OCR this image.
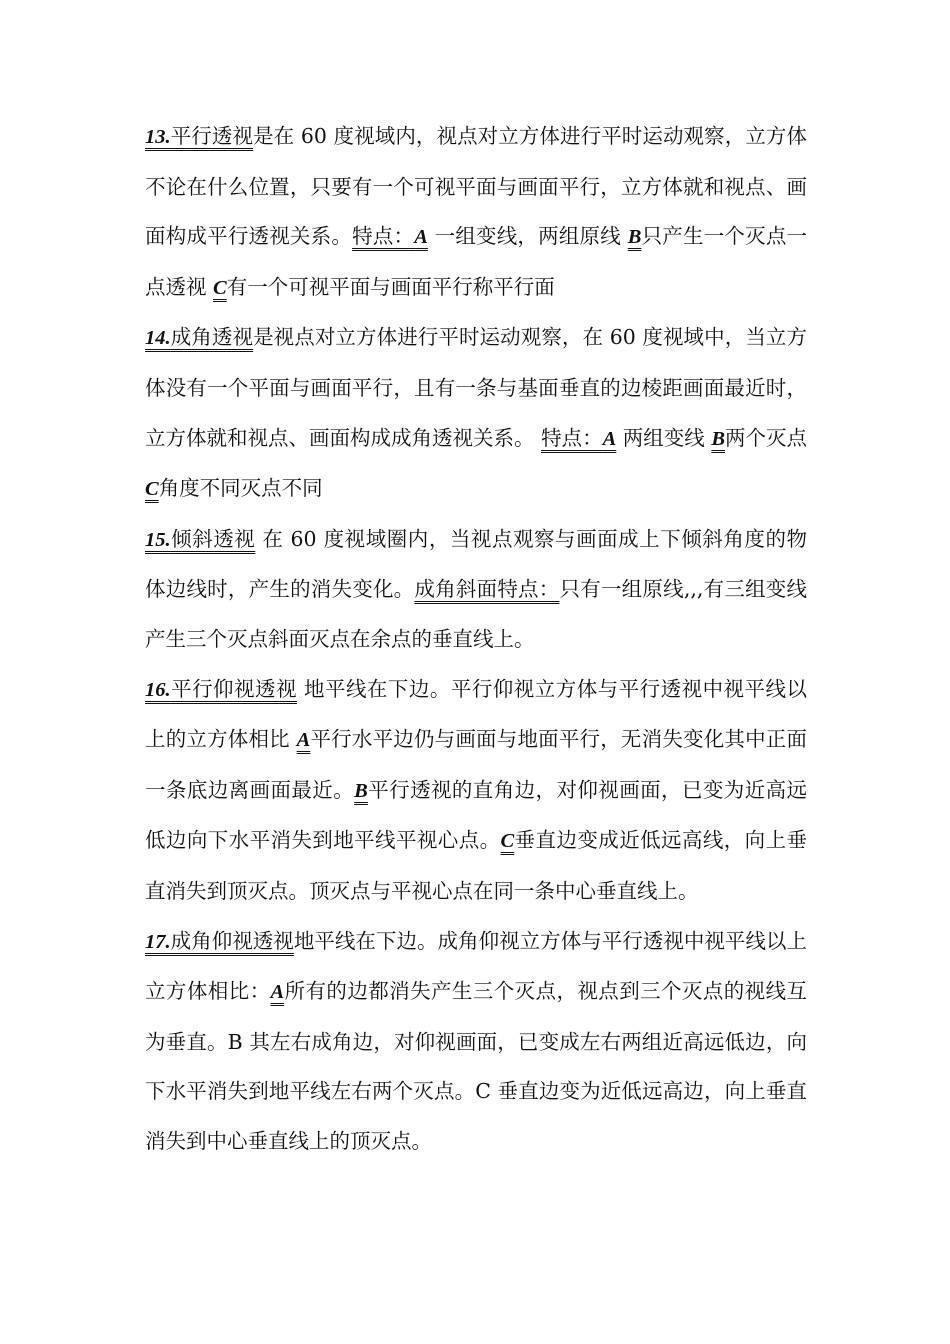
13.平行透视是在 60 度视域内，视点对立方体进行平时运动观察，立方体不论在什么位置，只要有一个可视平面与画面平行，立方体就和视点、画面构成平行透视关系。特点：A 一组变线，两组原线 B只产生一个灭点一点透视 C有一个可视平面与画面平行称平行面

14.成角透视是视点对立方体进行平时运动观察，在 60 度视域中，当立方体没有一个平面与画面平行，且有一条与基面垂直的边棱距画面最近时，立方体就和视点、画面构成成角透视关系。 特点：A 两组变线 B两个灭点 C角度不同灭点不同

15.倾斜透视 在 60 度视域圈内，当视点观察与画面成上下倾斜角度的物体边线时，产生的消失变化。成角斜面特点：只有一组原线,,,有三组变线产生三个灭点斜面灭点在余点的垂直线上。

16.平行仰视透视 地平线在下边。平行仰视立方体与平行透视中视平线以上的立方体相比 A平行水平边仍与画面与地面平行，无消失变化其中正面一条底边离画面最近。B平行透视的直角边，对仰视画面，已变为近高远低边向下水平消失到地平线平视心点。C垂直边变成近低远高线，向上垂直消失到顶灭点。顶灭点与平视心点在同一条中心垂直线上。

17.成角仰视透视地平线在下边。成角仰视立方体与平行透视中视平线以上立方体相比：A所有的边都消失产生三个灭点，视点到三个灭点的视线互为垂直。B 其左右成角边，对仰视画面，已变成左右两组近高远低边，向下水平消失到地平线左右两个灭点。C 垂直边变为近低远高边，向上垂直消失到中心垂直线上的顶灭点。
